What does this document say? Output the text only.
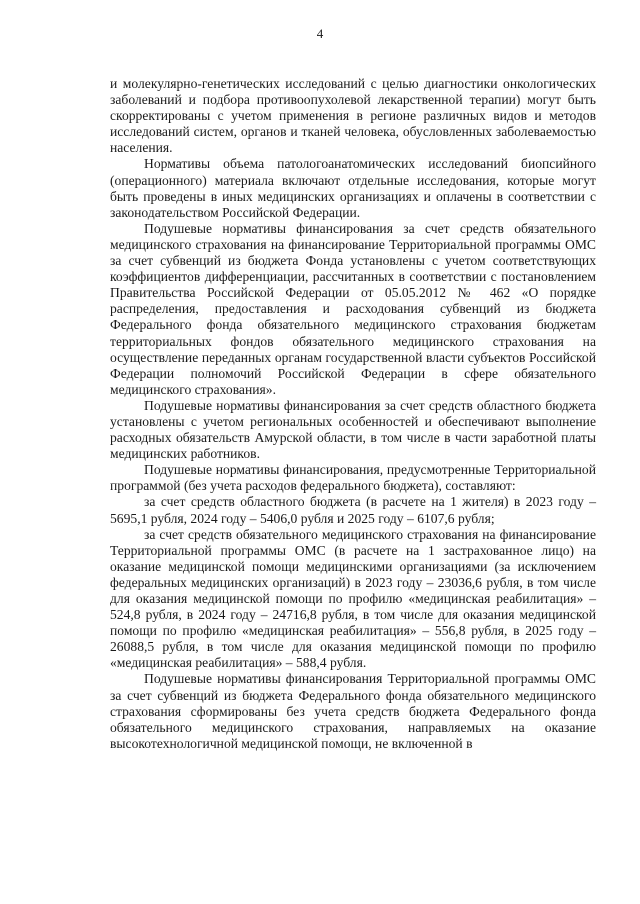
4

и молекулярно-генетических исследований с целью диагностики онкологических заболеваний и подбора противоопухолевой лекарственной терапии) могут быть скорректированы с учетом применения в регионе различных видов и методов исследований систем, органов и тканей человека, обусловленных заболеваемостью населения.

Нормативы объема патологоанатомических исследований биопсийного (операционного) материала включают отдельные исследования, которые могут быть проведены в иных медицинских организациях и оплачены в соответствии с законодательством Российской Федерации.

Подушевые нормативы финансирования за счет средств обязательного медицинского страхования на финансирование Территориальной программы ОМС за счет субвенций из бюджета Фонда установлены с учетом соответствующих коэффициентов дифференциации, рассчитанных в соответствии с постановлением Правительства Российской Федерации от 05.05.2012 № 462 «О порядке распределения, предоставления и расходования субвенций из бюджета Федерального фонда обязательного медицинского страхования бюджетам территориальных фондов обязательного медицинского страхования на осуществление переданных органам государственной власти субъектов Российской Федерации полномочий Российской Федерации в сфере обязательного медицинского страхования».

Подушевые нормативы финансирования за счет средств областного бюджета установлены с учетом региональных особенностей и обеспечивают выполнение расходных обязательств Амурской области, в том числе в части заработной платы медицинских работников.

Подушевые нормативы финансирования, предусмотренные Территориальной программой (без учета расходов федерального бюджета), составляют:

за счет средств областного бюджета (в расчете на 1 жителя) в 2023 году – 5695,1 рубля, 2024 году – 5406,0 рубля и 2025 году – 6107,6 рубля;

за счет средств обязательного медицинского страхования на финансирование Территориальной программы ОМС (в расчете на 1 застрахованное лицо) на оказание медицинской помощи медицинскими организациями (за исключением федеральных медицинских организаций) в 2023 году – 23036,6 рубля, в том числе для оказания медицинской помощи по профилю «медицинская реабилитация» – 524,8 рубля, в 2024 году – 24716,8 рубля, в том числе для оказания медицинской помощи по профилю «медицинская реабилитация» – 556,8 рубля, в 2025 году – 26088,5 рубля, в том числе для оказания медицинской помощи по профилю «медицинская реабилитация» – 588,4 рубля.

Подушевые нормативы финансирования Территориальной программы ОМС за счет субвенций из бюджета Федерального фонда обязательного медицинского страхования сформированы без учета средств бюджета Федерального фонда обязательного медицинского страхования, направляемых на оказание высокотехнологичной медицинской помощи, не включенной в
